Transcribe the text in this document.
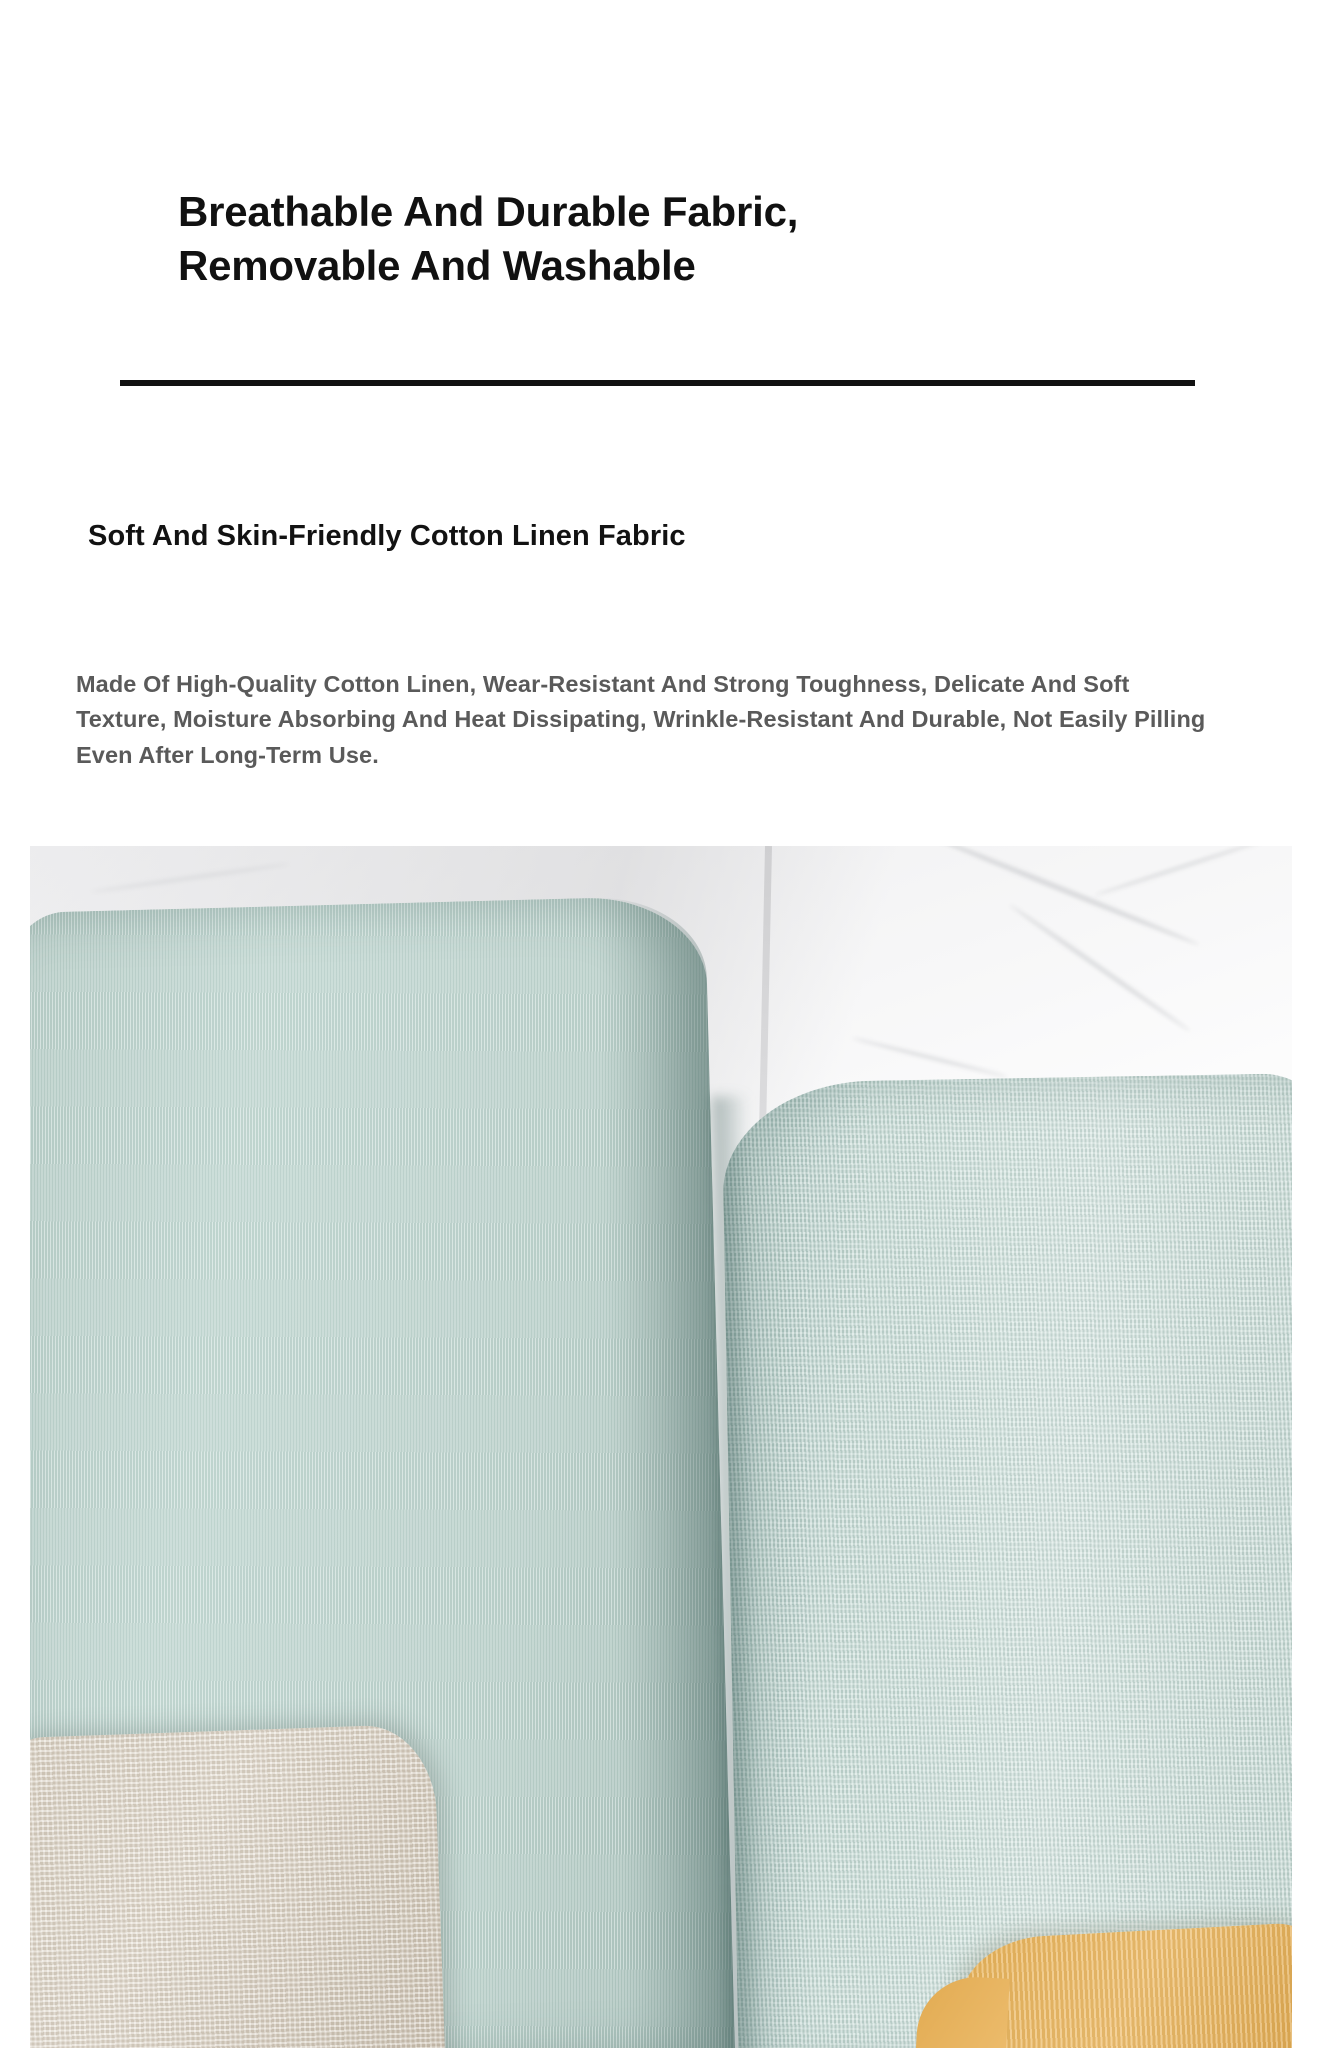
Breathable And Durable Fabric,
Removable And Washable
Soft And Skin-Friendly Cotton Linen Fabric

Made Of High-Quality Cotton Linen, Wear-Resistant And Strong Toughness, Delicate And Soft Texture, Moisture Absorbing And Heat Dissipating, Wrinkle-Resistant And Durable, Not Easily Pilling Even After Long-Term Use.
